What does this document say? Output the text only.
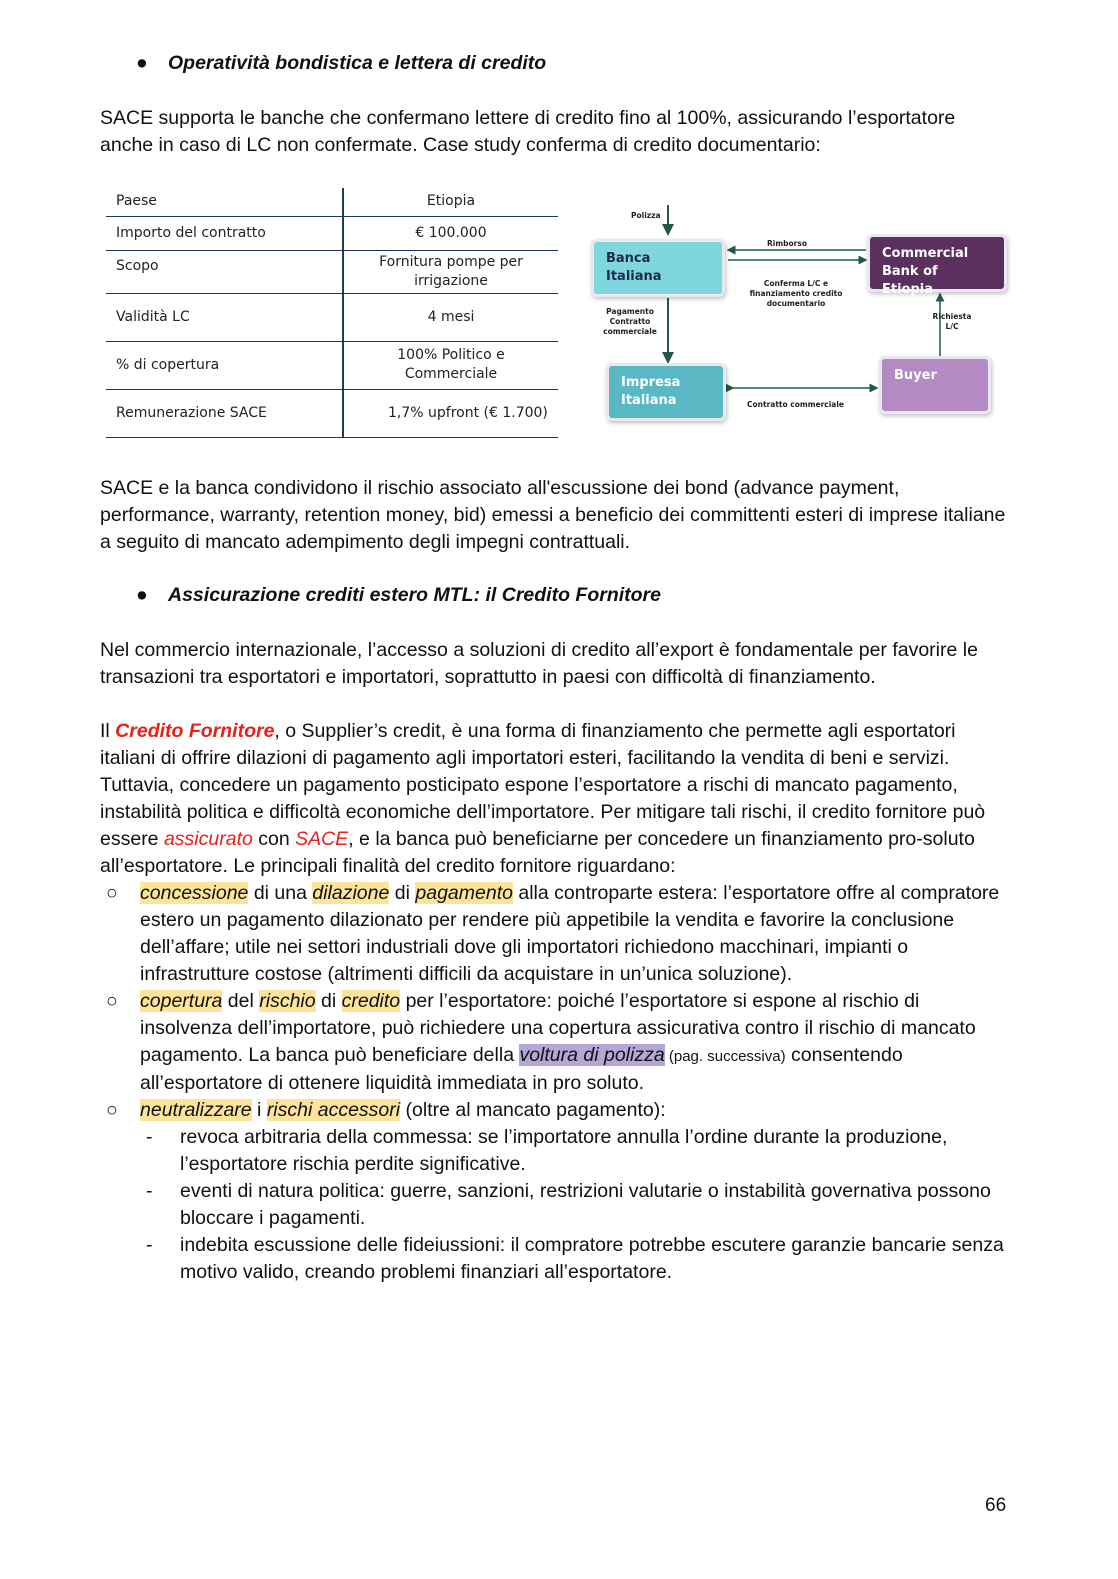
● Operatività bondistica e lettera di credito
SACE supporta le banche che confermano lettere di credito fino al 100%, assicurando l’esportatore anche in caso di LC non confermate. Case study conferma di credito documentario:
Paese	Etiopia
Importo del contratto	€ 100.000
Scopo	Fornitura pompe per irrigazione
Validità LC	4 mesi
% di copertura	100% Politico e Commerciale
Remunerazione SACE	1,7% upfront (€ 1.700)
Banca Italiana
Commercial Bank of Etiopia
Impresa Italiana
Buyer
Polizza
Rimborso
Conferma L/C e finanziamento credito documentario
Pagamento Contratto commerciale
Richiesta L/C
Contratto commerciale
SACE e la banca condividono il rischio associato all'escussione dei bond (advance payment, performance, warranty, retention money, bid) emessi a beneficio dei committenti esteri di imprese italiane a seguito di mancato adempimento degli impegni contrattuali.
● Assicurazione crediti estero MTL: il Credito Fornitore
Nel commercio internazionale, l’accesso a soluzioni di credito all’export è fondamentale per favorire le transazioni tra esportatori e importatori, soprattutto in paesi con difficoltà di finanziamento.
Il Credito Fornitore, o Supplier’s credit, è una forma di finanziamento che permette agli esportatori italiani di offrire dilazioni di pagamento agli importatori esteri, facilitando la vendita di beni e servizi. Tuttavia, concedere un pagamento posticipato espone l’esportatore a rischi di mancato pagamento, instabilità politica e difficoltà economiche dell’importatore. Per mitigare tali rischi, il credito fornitore può essere assicurato con SACE, e la banca può beneficiarne per concedere un finanziamento pro-soluto all’esportatore. Le principali finalità del credito fornitore riguardano:
○ concessione di una dilazione di pagamento alla controparte estera: l’esportatore offre al compratore estero un pagamento dilazionato per rendere più appetibile la vendita e favorire la conclusione dell’affare; utile nei settori industriali dove gli importatori richiedono macchinari, impianti o infrastrutture costose (altrimenti difficili da acquistare in un’unica soluzione).
○ copertura del rischio di credito per l’esportatore: poiché l’esportatore si espone al rischio di insolvenza dell’importatore, può richiedere una copertura assicurativa contro il rischio di mancato pagamento. La banca può beneficiare della voltura di polizza (pag. successiva) consentendo all’esportatore di ottenere liquidità immediata in pro soluto.
○ neutralizzare i rischi accessori (oltre al mancato pagamento):
- revoca arbitraria della commessa: se l’importatore annulla l’ordine durante la produzione, l’esportatore rischia perdite significative.
- eventi di natura politica: guerre, sanzioni, restrizioni valutarie o instabilità governativa possono bloccare i pagamenti.
- indebita escussione delle fideiussioni: il compratore potrebbe escutere garanzie bancarie senza motivo valido, creando problemi finanziari all’esportatore.
66
